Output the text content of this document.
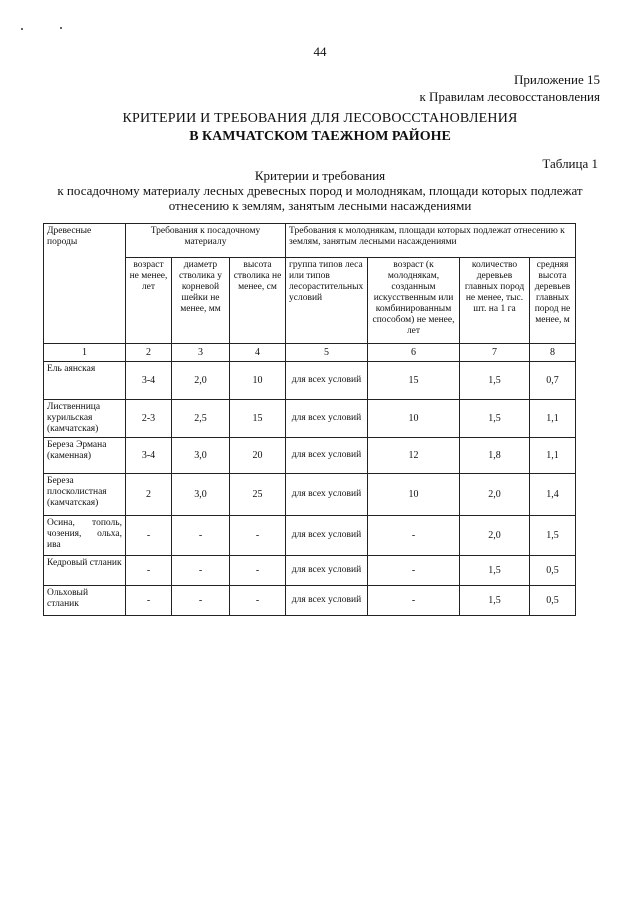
44
Приложение 15
к Правилам лесовосстановления
КРИТЕРИИ И ТРЕБОВАНИЯ ДЛЯ ЛЕСОВОССТАНОВЛЕНИЯ
В КАМЧАТСКОМ ТАЕЖНОМ РАЙОНЕ
Таблица 1
Критерии и требования
к посадочному материалу лесных древесных пород и молоднякам, площади которых подлежат отнесению к землям, занятым лесными насаждениями
Древесные породы	Требования к посадочному материалу			Требования к молоднякам, площади которых подлежат отнесению к землям, занятым лесными насаждениями			
	возраст не менее, лет	диаметр стволика у корневой шейки не менее, мм	высота стволика не менее, см	группа типов леса или типов лесорастительных условий	возраст (к молоднякам, созданным искусственным или комбинированным способом) не менее, лет	количество деревьев главных пород не менее, тыс. шт. на 1 га	средняя высота деревьев главных пород не менее, м
1	2	3	4	5	6	7	8
Ель аянская	3-4	2,0	10	для всех условий	15	1,5	0,7
Лиственница курильская (камчатская)	2-3	2,5	15	для всех условий	10	1,5	1,1
Береза Эрмана (каменная)	3-4	3,0	20	для всех условий	12	1,8	1,1
Береза плосколистная (камчатская)	2	3,0	25	для всех условий	10	2,0	1,4
Осина, тополь, чозения, ольха, ива	-	-	-	для всех условий	-	2,0	1,5
Кедровый стланик	-	-	-	для всех условий	-	1,5	0,5
Ольховый стланик	-	-	-	для всех условий	-	1,5	0,5
